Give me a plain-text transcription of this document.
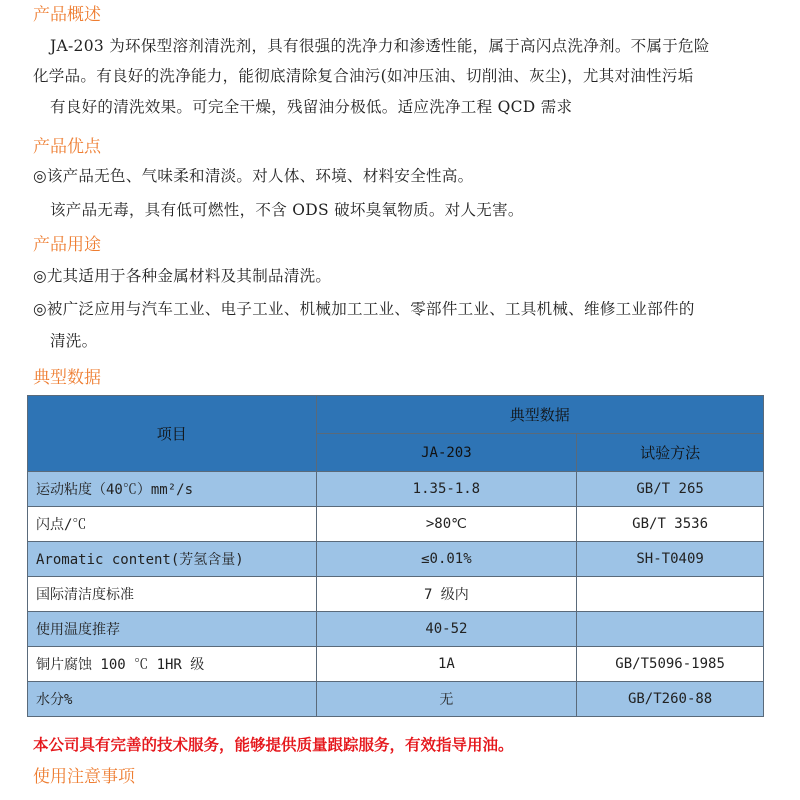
产品概述
JA-203 为环保型溶剂清洗剂，具有很强的洗净力和渗透性能，属于高闪点洗净剂。不属于危险
化学品。有良好的洗净能力，能彻底清除复合油污(如冲压油、切削油、灰尘)，尤其对油性污垢
有良好的清洗效果。可完全干燥，残留油分极低。适应洗净工程 QCD 需求
产品优点
◎该产品无色、气味柔和清淡。对人体、环境、材料安全性高。
该产品无毒，具有低可燃性，不含 ODS 破坏臭氧物质。对人无害。
产品用途
◎尤其适用于各种金属材料及其制品清洗。
◎被广泛应用与汽车工业、电子工业、机械加工工业、零部件工业、工具机械、维修工业部件的
清洗。
典型数据
项目	典型数据	
	JA-203	试验方法
运动粘度（40℃）mm²/s	1.35-1.8	GB/T 265
闪点/℃	>80℃	GB/T 3536
Aromatic content(芳氢含量)	≤0.01%	SH-T0409
国际清洁度标准	7 级内	
使用温度推荐	40-52	
铜片腐蚀 100 ℃ 1HR 级	1A	GB/T5096-1985
水分%	无	GB/T260-88
本公司具有完善的技术服务，能够提供质量跟踪服务，有效指导用油。
使用注意事项
